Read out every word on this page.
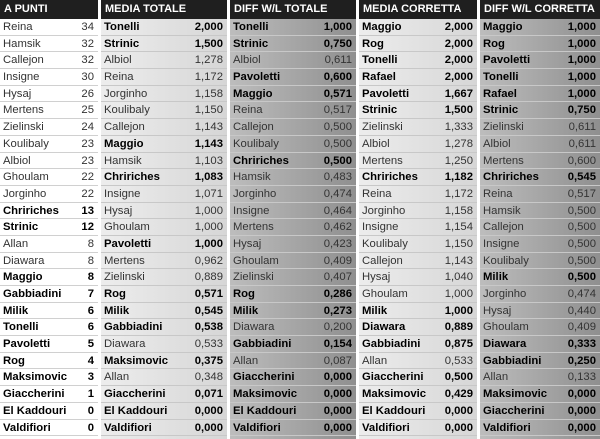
A PUNTI
Reina	34
Hamsik	32
Callejon	32
Insigne	30
Hysaj	26
Mertens	25
Zielinski	24
Koulibaly	23
Albiol	23
Ghoulam	22
Jorginho	22
Chririches	13
Strinic	12
Allan	8
Diawara	8
Maggio	8
Gabbiadini	7
Milik	6
Tonelli	6
Pavoletti	5
Rog	4
Maksimovic	3
Giaccherini	1
El Kaddouri	0
Valdifiori	0
MEDIA TOTALE
Tonelli	2,000
Strinic	1,500
Albiol	1,278
Reina	1,172
Jorginho	1,158
Koulibaly	1,150
Callejon	1,143
Maggio	1,143
Hamsik	1,103
Chririches	1,083
Insigne	1,071
Hysaj	1,000
Ghoulam	1,000
Pavoletti	1,000
Mertens	0,962
Zielinski	0,889
Rog	0,571
Milik	0,545
Gabbiadini	0,538
Diawara	0,533
Maksimovic	0,375
Allan	0,348
Giaccherini	0,071
El Kaddouri	0,000
Valdifiori	0,000
DIFF W/L TOTALE
Tonelli	1,000
Strinic	0,750
Albiol	0,611
Pavoletti	0,600
Maggio	0,571
Reina	0,517
Callejon	0,500
Koulibaly	0,500
Chririches	0,500
Hamsik	0,483
Jorginho	0,474
Insigne	0,464
Mertens	0,462
Hysaj	0,423
Ghoulam	0,409
Zielinski	0,407
Rog	0,286
Milik	0,273
Diawara	0,200
Gabbiadini	0,154
Allan	0,087
Giaccherini	0,000
Maksimovic	0,000
El Kaddouri	0,000
Valdifiori	0,000
MEDIA CORRETTA
Maggio	2,000
Rog	2,000
Tonelli	2,000
Rafael	2,000
Pavoletti	1,667
Strinic	1,500
Zielinski	1,333
Albiol	1,278
Mertens	1,250
Chririches	1,182
Reina	1,172
Jorginho	1,158
Insigne	1,154
Koulibaly	1,150
Callejon	1,143
Hysaj	1,040
Ghoulam	1,000
Milik	1,000
Diawara	0,889
Gabbiadini	0,875
Allan	0,533
Giaccherini	0,500
Maksimovic	0,429
El Kaddouri	0,000
Valdifiori	0,000
DIFF W/L CORRETTA
Maggio	1,000
Rog	1,000
Pavoletti	1,000
Tonelli	1,000
Rafael	1,000
Strinic	0,750
Zielinski	0,611
Albiol	0,611
Mertens	0,600
Chririches	0,545
Reina	0,517
Hamsik	0,500
Callejon	0,500
Insigne	0,500
Koulibaly	0,500
Milik	0,500
Jorginho	0,474
Hysaj	0,440
Ghoulam	0,409
Diawara	0,333
Gabbiadini	0,250
Allan	0,133
Maksimovic	0,000
Giaccherini	0,000
Valdifiori	0,000
